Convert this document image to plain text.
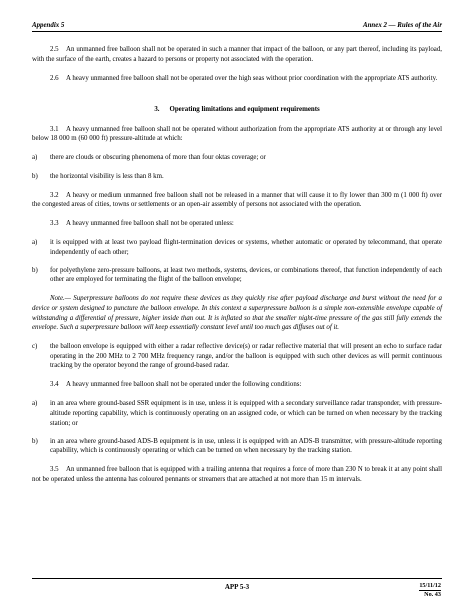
Appendix 5	Annex 2 — Rules of the Air

2.5 An unmanned free balloon shall not be operated in such a manner that impact of the balloon, or any part thereof, including its payload, with the surface of the earth, creates a hazard to persons or property not associated with the operation.

2.6 A heavy unmanned free balloon shall not be operated over the high seas without prior coordination with the appropriate ATS authority.

3. Operating limitations and equipment requirements

3.1 A heavy unmanned free balloon shall not be operated without authorization from the appropriate ATS authority at or through any level below 18 000 m (60 000 ft) pressure-altitude at which:

a)	there are clouds or obscuring phenomena of more than four oktas coverage; or
b)	the horizontal visibility is less than 8 km.

3.2 A heavy or medium unmanned free balloon shall not be released in a manner that will cause it to fly lower than 300 m (1 000 ft) over the congested areas of cities, towns or settlements or an open-air assembly of persons not associated with the operation.

3.3 A heavy unmanned free balloon shall not be operated unless:

a)	it is equipped with at least two payload flight-termination devices or systems, whether automatic or operated by telecommand, that operate independently of each other;
b)	for polyethylene zero-pressure balloons, at least two methods, systems, devices, or combinations thereof, that function independently of each other are employed for terminating the flight of the balloon envelope;

Note.— Superpressure balloons do not require these devices as they quickly rise after payload discharge and burst without the need for a device or system designed to puncture the balloon envelope. In this context a superpressure balloon is a simple non-extensible envelope capable of withstanding a differential of pressure, higher inside than out. It is inflated so that the smaller night-time pressure of the gas still fully extends the envelope. Such a superpressure balloon will keep essentially constant level until too much gas diffuses out of it.

c)	the balloon envelope is equipped with either a radar reflective device(s) or radar reflective material that will present an echo to surface radar operating in the 200 MHz to 2 700 MHz frequency range, and/or the balloon is equipped with such other devices as will permit continuous tracking by the operator beyond the range of ground-based radar.

3.4 A heavy unmanned free balloon shall not be operated under the following conditions:

a)	in an area where ground-based SSR equipment is in use, unless it is equipped with a secondary surveillance radar transponder, with pressure-altitude reporting capability, which is continuously operating on an assigned code, or which can be turned on when necessary by the tracking station; or
b)	in an area where ground-based ADS-B equipment is in use, unless it is equipped with an ADS-B transmitter, with pressure-altitude reporting capability, which is continuously operating or which can be turned on when necessary by the tracking station.

3.5 An unmanned free balloon that is equipped with a trailing antenna that requires a force of more than 230 N to break it at any point shall not be operated unless the antenna has coloured pennants or streamers that are attached at not more than 15 m intervals.

APP 5-3	15/11/12
No. 43
